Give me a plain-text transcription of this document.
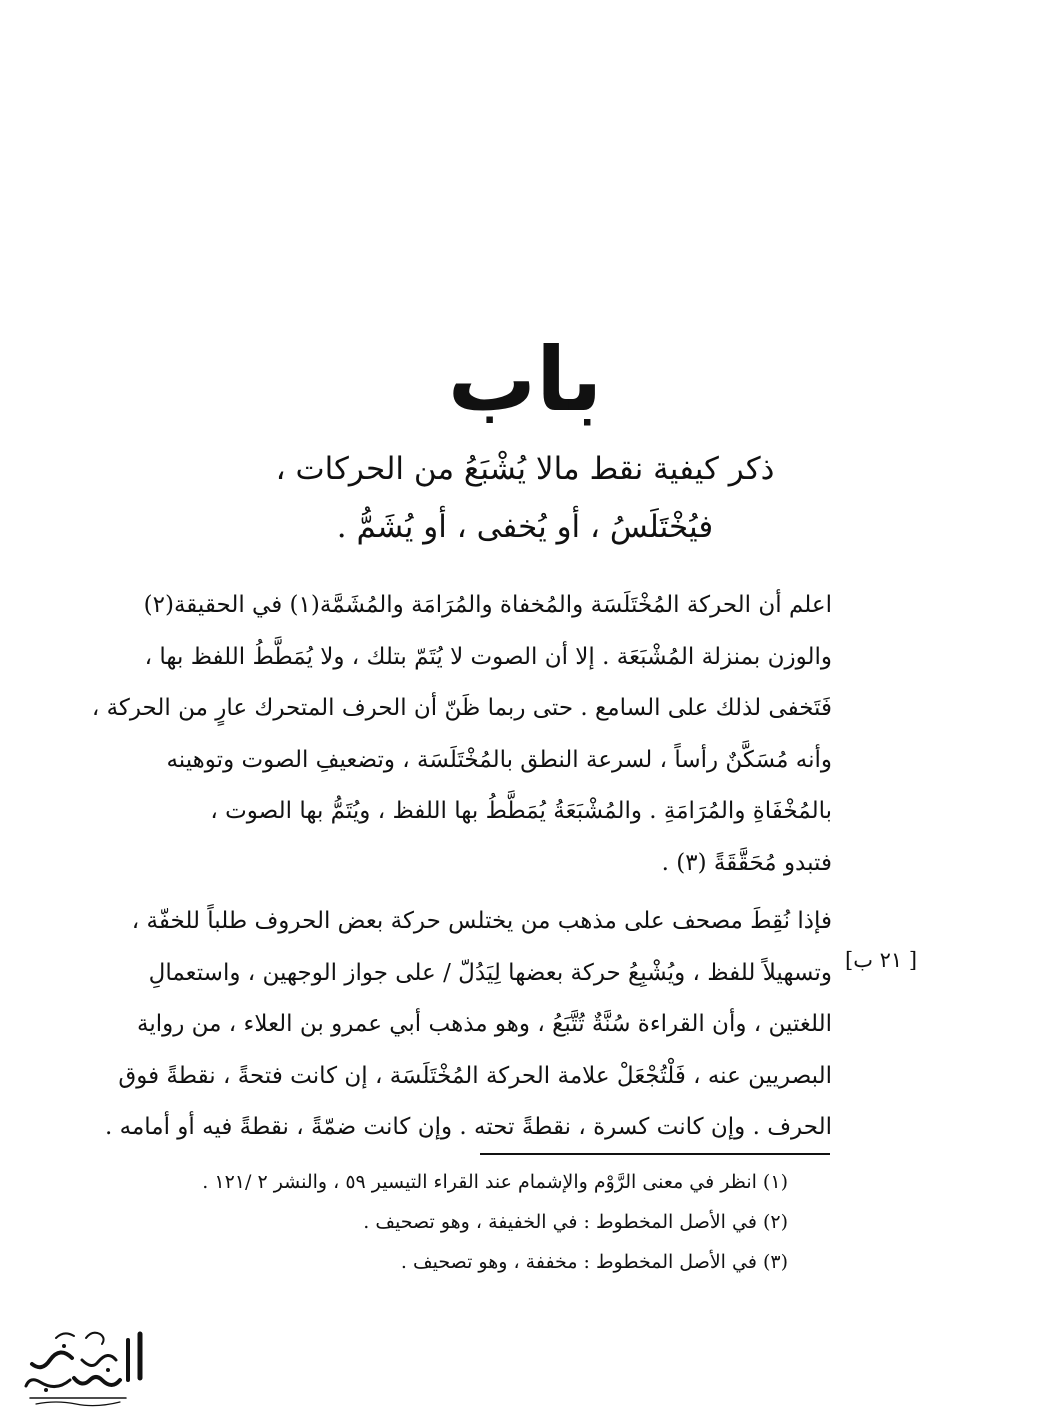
باب
ذكر كيفية نقط مالا يُشْبَعُ من الحركات ،
فيُخْتَلَسُ ، أو يُخفى ، أو يُشَمُّ .
اعلم أن الحركة المُخْتَلَسَة والمُخفاة والمُرَامَة والمُشَمَّة(١) في الحقيقة(٢)
والوزن بمنزلة المُشْبَعَة . إلا أن الصوت لا يُتَمّ بتلك ، ولا يُمَطَّطُ اللفظ بها ،
فَتَخفى لذلك على السامع . حتى ربما ظَنّ أن الحرف المتحرك عارٍ من الحركة ،
وأنه مُسَكَّنٌ رأساً ، لسرعة النطق بالمُخْتَلَسَة ، وتضعيفِ الصوت وتوهينه
بالمُخْفَاةِ والمُرَامَةِ . والمُشْبَعَةُ يُمَطَّطُ بها اللفظ ، ويُتَمُّ بها الصوت ،
فتبدو مُحَقَّقَةً (٣) .
فإذا نُقِطَ مصحف على مذهب من يختلس حركة بعض الحروف طلباً للخفّة ،
وتسهيلاً للفظ ، ويُشْبِعُ حركة بعضها لِيَدُلّ / على جواز الوجهين ، واستعمالِ
اللغتين ، وأن القراءة سُنَّةٌ تُتَّبَعُ ، وهو مذهب أبي عمرو بن العلاء ، من رواية
البصريين عنه ، فَلْتُجْعَلْ علامة الحركة المُخْتَلَسَة ، إن كانت فتحةً ، نقطةً فوق
الحرف . وإن كانت كسرة ، نقطةً تحته . وإن كانت ضمّةً ، نقطةً فيه أو أمامه .
[ ٢١ ب]
(١) انظر في معنى الرَّوْم والإشمام عند القراء التيسير ٥٩ ، والنشر ٢ /١٢١ .
(٢) في الأصل المخطوط : في الخفيفة ، وهو تصحيف .
(٣) في الأصل المخطوط : مخففة ، وهو تصحيف .
